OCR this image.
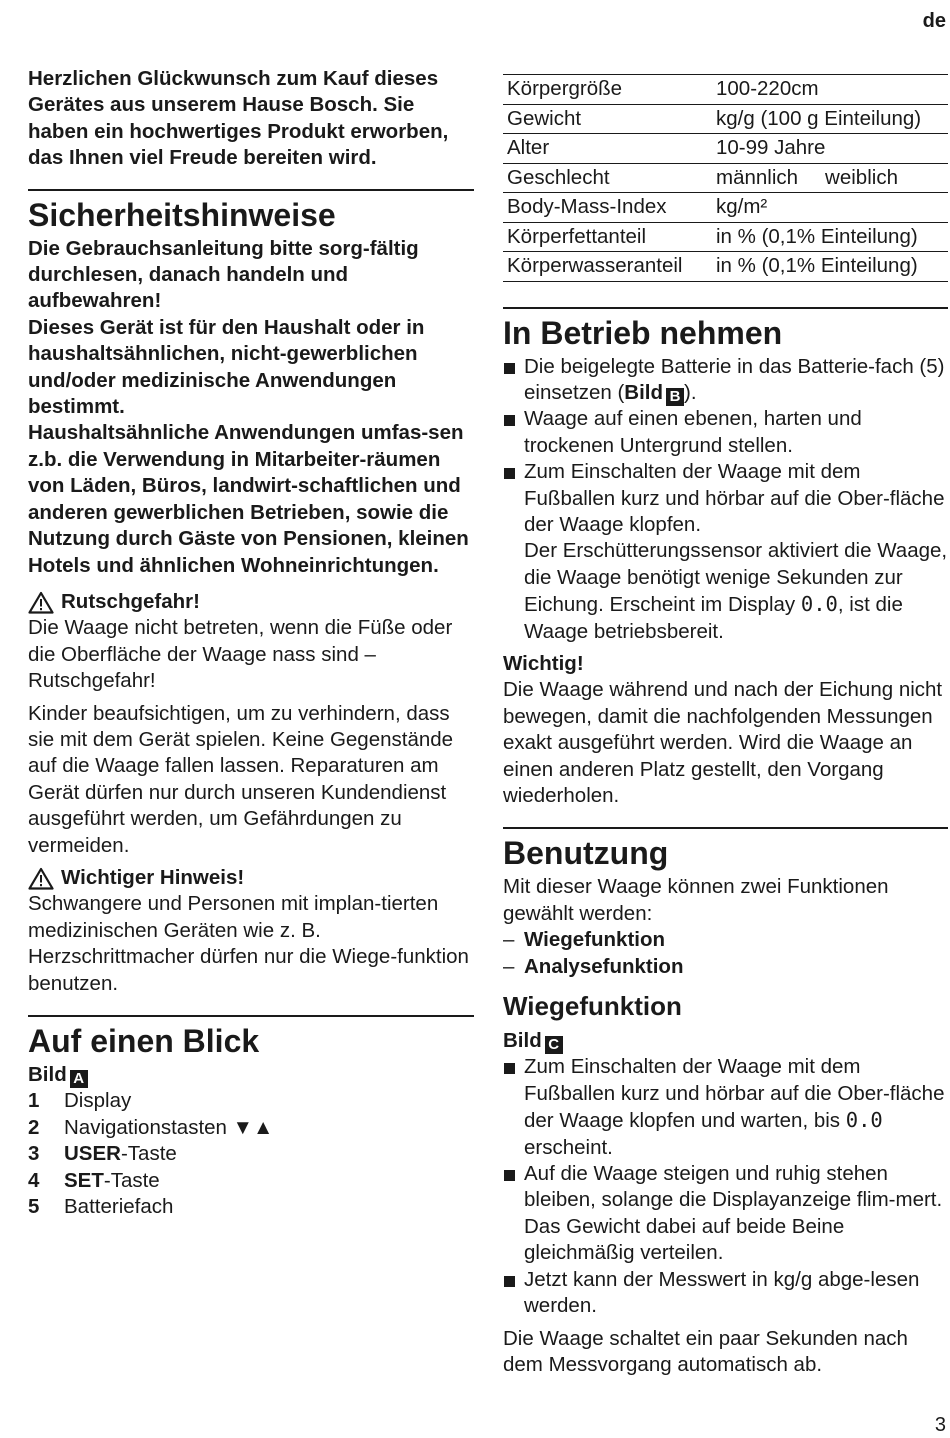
de

Herzlichen Glückwunsch zum Kauf dieses Gerätes aus unserem Hause Bosch. Sie haben ein hochwertiges Produkt erworben, das Ihnen viel Freude bereiten wird.

Sicherheitshinweise

Die Gebrauchsanleitung bitte sorg-fältig durchlesen, danach handeln und aufbewahren!

Dieses Gerät ist für den Haushalt oder in haushaltsähnlichen, nicht-gewerblichen und/oder medizinische Anwendungen bestimmt.

Haushaltsähnliche Anwendungen umfas-sen z.b. die Verwendung in Mitarbeiter-räumen von Läden, Büros, landwirt-schaftlichen und anderen gewerblichen Betrieben, sowie die Nutzung durch Gäste von Pensionen, kleinen Hotels und ähnlichen Wohneinrichtungen.

Rutschgefahr!

Die Waage nicht betreten, wenn die Füße oder die Oberfläche der Waage nass sind – Rutschgefahr!

Kinder beaufsichtigen, um zu verhindern, dass sie mit dem Gerät spielen. Keine Gegenstände auf die Waage fallen lassen. Reparaturen am Gerät dürfen nur durch unseren Kundendienst ausgeführt werden, um Gefährdungen zu vermeiden.

Wichtiger Hinweis!

Schwangere und Personen mit implan-tierten medizinischen Geräten wie z. B. Herzschrittmacher dürfen nur die Wiege-funktion benutzen.

Auf einen Blick

Bild A

1	Display
2	Navigationstasten ▼▲
3	USER-Taste
4	SET-Taste
5	Batteriefach
Körpergröße	100-220cm
Gewicht	kg/g (100 g Einteilung)
Alter	10-99 Jahre
Geschlecht	männlich weiblich
Body-Mass-Index	kg/m²
Körperfettanteil	in % (0,1% Einteilung)
Körperwasseranteil	in % (0,1% Einteilung)
In Betrieb nehmen

Die beigelegte Batterie in das Batterie-fach (5) einsetzen (Bild B ).

Waage auf einen ebenen, harten und trockenen Untergrund stellen.

Zum Einschalten der Waage mit dem Fußballen kurz und hörbar auf die Ober-fläche der Waage klopfen.

Der Erschütterungssensor aktiviert die Waage, die Waage benötigt wenige Sekunden zur Eichung. Erscheint im Display 0.0, ist die Waage betriebsbereit.

Wichtig!

Die Waage während und nach der Eichung nicht bewegen, damit die nachfolgenden Messungen exakt ausgeführt werden. Wird die Waage an einen anderen Platz gestellt, den Vorgang wiederholen.

Benutzung

Mit dieser Waage können zwei Funktionen gewählt werden:

– Wiegefunktion
– Analysefunktion
Wiegefunktion

Bild C

Zum Einschalten der Waage mit dem Fußballen kurz und hörbar auf die Ober-fläche der Waage klopfen und warten, bis 0.0 erscheint.

Auf die Waage steigen und ruhig stehen bleiben, solange die Displayanzeige flim-mert. Das Gewicht dabei auf beide Beine gleichmäßig verteilen.

Jetzt kann der Messwert in kg/g abge-lesen werden.

Die Waage schaltet ein paar Sekunden nach dem Messvorgang automatisch ab.

3
